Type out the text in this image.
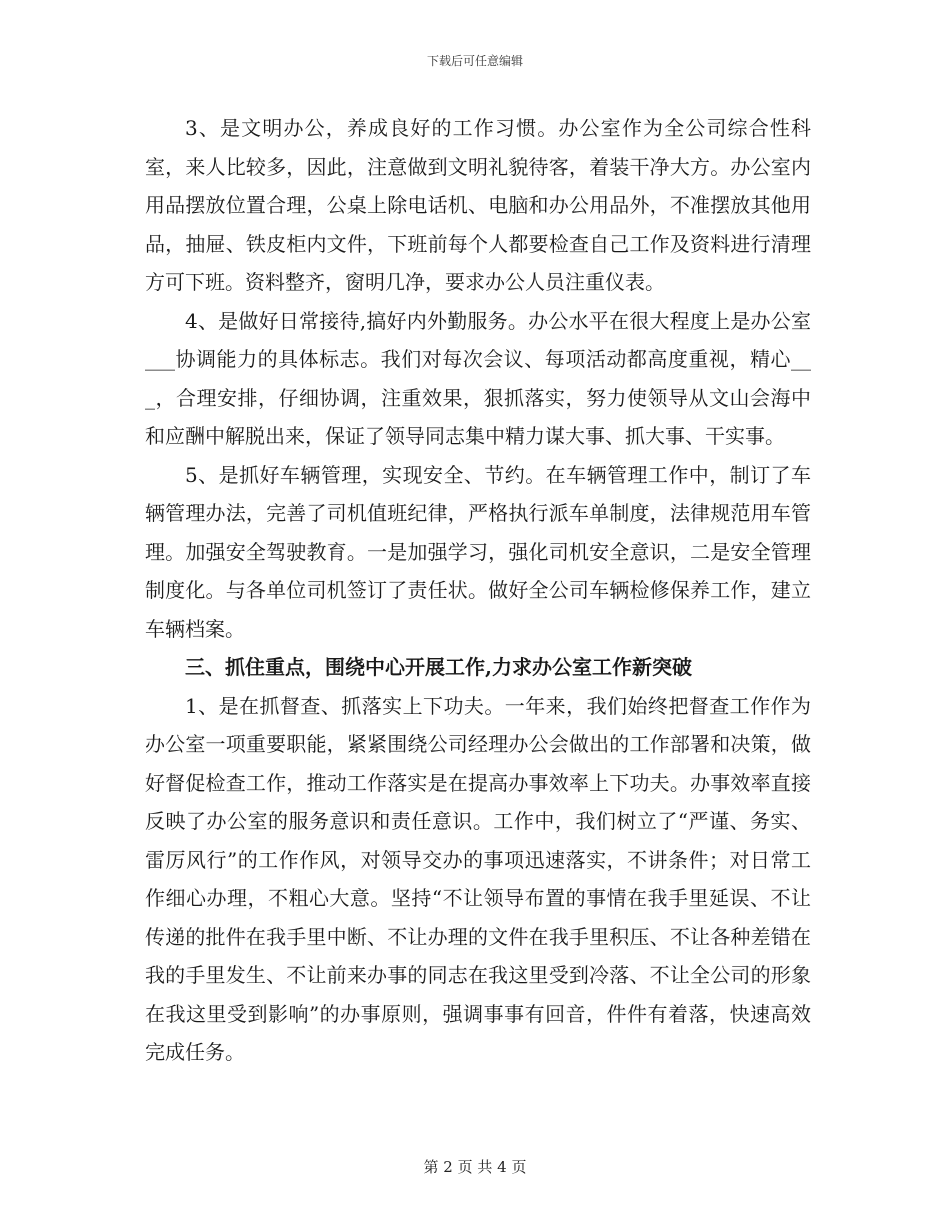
下载后可任意编辑

3、是文明办公，养成良好的工作习惯。办公室作为全公司综合性科室，来人比较多，因此，注意做到文明礼貌待客，着装干净大方。办公室内用品摆放位置合理，公桌上除电话机、电脑和办公用品外，不准摆放其他用品，抽屉、铁皮柜内文件，下班前每个人都要检查自己工作及资料进行清理方可下班。资料整齐，窗明几净，要求办公人员注重仪表。

4、是做好日常接待,搞好内外勤服务。办公水平在很大程度上是办公室___协调能力的具体标志。我们对每次会议、每项活动都高度重视，精心___，合理安排，仔细协调，注重效果，狠抓落实，努力使领导从文山会海中和应酬中解脱出来，保证了领导同志集中精力谋大事、抓大事、干实事。

5、是抓好车辆管理，实现安全、节约。在车辆管理工作中，制订了车辆管理办法，完善了司机值班纪律，严格执行派车单制度，法律规范用车管理。加强安全驾驶教育。一是加强学习，强化司机安全意识，二是安全管理制度化。与各单位司机签订了责任状。做好全公司车辆检修保养工作，建立车辆档案。

三、抓住重点，围绕中心开展工作,力求办公室工作新突破

1、是在抓督查、抓落实上下功夫。一年来，我们始终把督查工作作为办公室一项重要职能，紧紧围绕公司经理办公会做出的工作部署和决策，做好督促检查工作，推动工作落实是在提高办事效率上下功夫。办事效率直接反映了办公室的服务意识和责任意识。工作中，我们树立了“严谨、务实、雷厉风行”的工作作风，对领导交办的事项迅速落实，不讲条件；对日常工作细心办理，不粗心大意。坚持“不让领导布置的事情在我手里延误、不让传递的批件在我手里中断、不让办理的文件在我手里积压、不让各种差错在我的手里发生、不让前来办事的同志在我这里受到冷落、不让全公司的形象在我这里受到影响”的办事原则，强调事事有回音，件件有着落，快速高效完成任务。

第 2 页 共 4 页
